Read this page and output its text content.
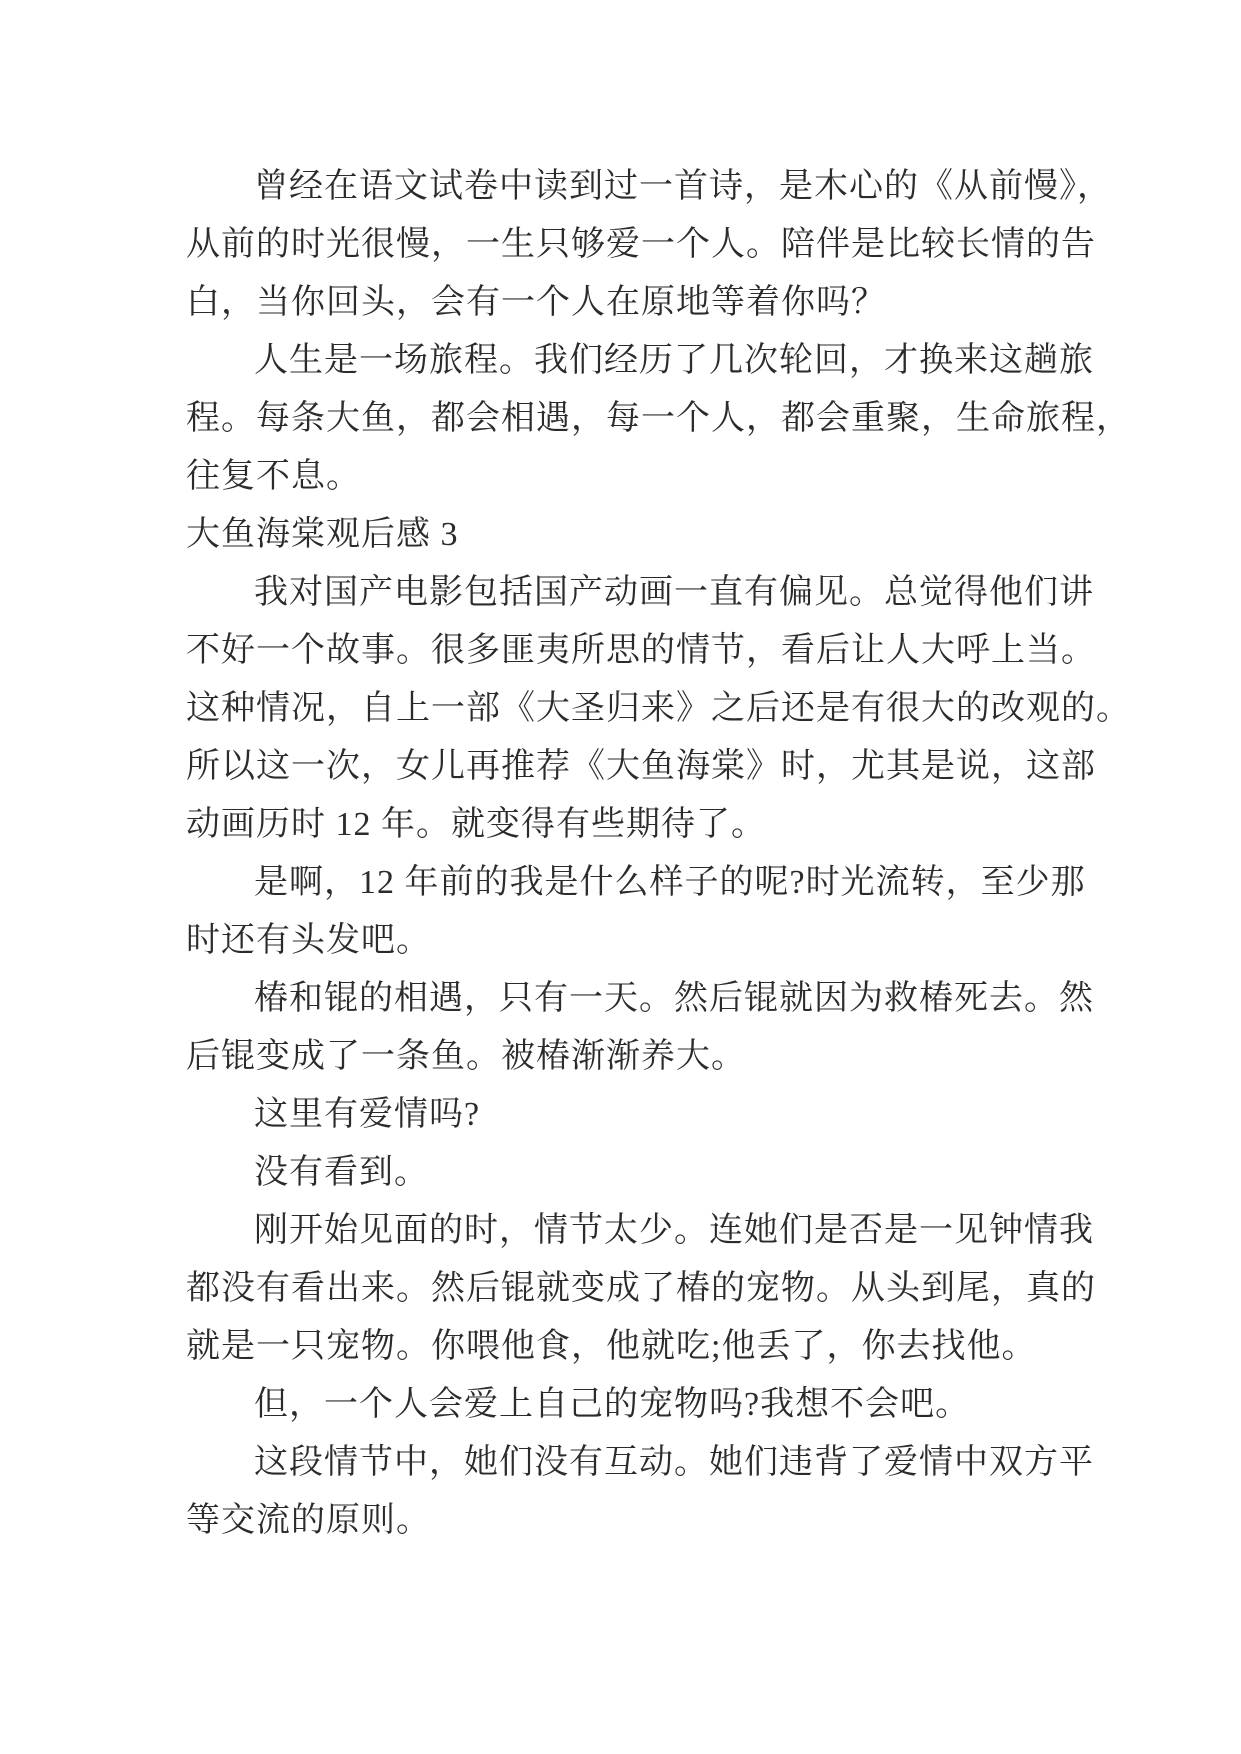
曾经在语文试卷中读到过一首诗，是木心的《从前慢》，
从前的时光很慢，一生只够爱一个人。陪伴是比较长情的告
白，当你回头，会有一个人在原地等着你吗？
人生是一场旅程。我们经历了几次轮回，才换来这趟旅
程。每条大鱼，都会相遇，每一个人，都会重聚，生命旅程，
往复不息。
大鱼海棠观后感 3
我对国产电影包括国产动画一直有偏见。总觉得他们讲
不好一个故事。很多匪夷所思的情节，看后让人大呼上当。
这种情况，自上一部《大圣归来》之后还是有很大的改观的。
所以这一次，女儿再推荐《大鱼海棠》时，尤其是说，这部
动画历时 12 年。就变得有些期待了。
是啊，12 年前的我是什么样子的呢?时光流转，至少那
时还有头发吧。
椿和锟的相遇，只有一天。然后锟就因为救椿死去。然
后锟变成了一条鱼。被椿渐渐养大。
这里有爱情吗?
没有看到。
刚开始见面的时，情节太少。连她们是否是一见钟情我
都没有看出来。然后锟就变成了椿的宠物。从头到尾，真的
就是一只宠物。你喂他食，他就吃;他丢了，你去找他。
但，一个人会爱上自己的宠物吗?我想不会吧。
这段情节中，她们没有互动。她们违背了爱情中双方平
等交流的原则。
